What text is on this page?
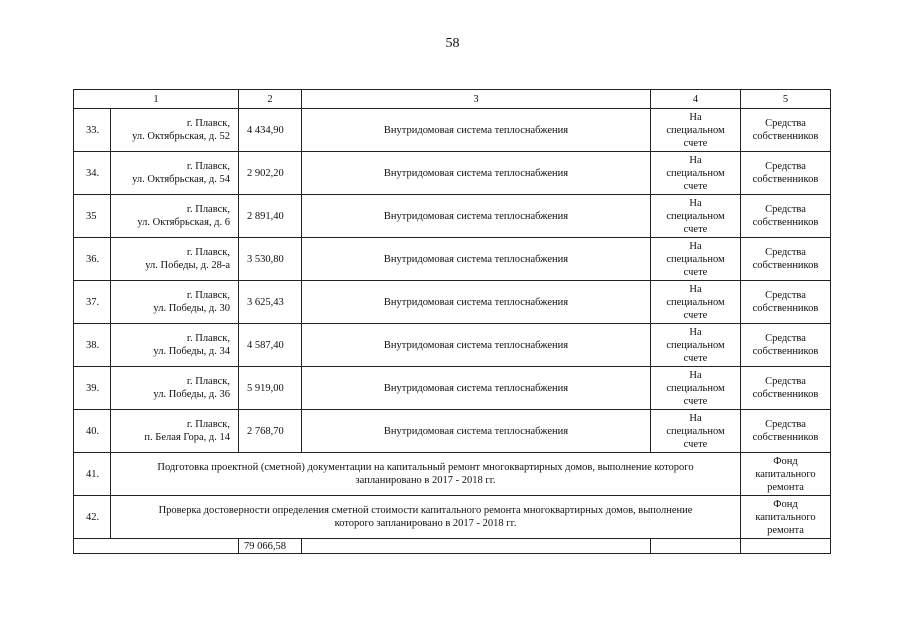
58
1		2	3	4	5
33.	г. Плавск,
ул. Октябрьская, д. 52	4 434,90	Внутридомовая система теплоснабжения	На
специальном
счете	Средства
собственников
34.	г. Плавск,
ул. Октябрьская, д. 54	2 902,20	Внутридомовая система теплоснабжения	На
специальном
счете	Средства
собственников
35	г. Плавск,
ул. Октябрьская, д. 6	2 891,40	Внутридомовая система теплоснабжения	На
специальном
счете	Средства
собственников
36.	г. Плавск,
ул. Победы, д. 28-а	3 530,80	Внутридомовая система теплоснабжения	На
специальном
счете	Средства
собственников
37.	г. Плавск,
ул. Победы, д. 30	3 625,43	Внутридомовая система теплоснабжения	На
специальном
счете	Средства
собственников
38.	г. Плавск,
ул. Победы, д. 34	4 587,40	Внутридомовая система теплоснабжения	На
специальном
счете	Средства
собственников
39.	г. Плавск,
ул. Победы, д. 36	5 919,00	Внутридомовая система теплоснабжения	На
специальном
счете	Средства
собственников
40.	г. Плавск,
п. Белая Гора, д. 14	2 768,70	Внутридомовая система теплоснабжения	На
специальном
счете	Средства
собственников
41.	Подготовка проектной (сметной) документации на капитальный ремонт многоквартирных домов, выполнение которого
запланировано в 2017 - 2018 гг.				Фонд
капитального
ремонта
42.	Проверка достоверности определения сметной стоимости капитального ремонта многоквартирных домов, выполнение
которого запланировано в 2017 - 2018 гг.				Фонд
капитального
ремонта
		79 066,58			
